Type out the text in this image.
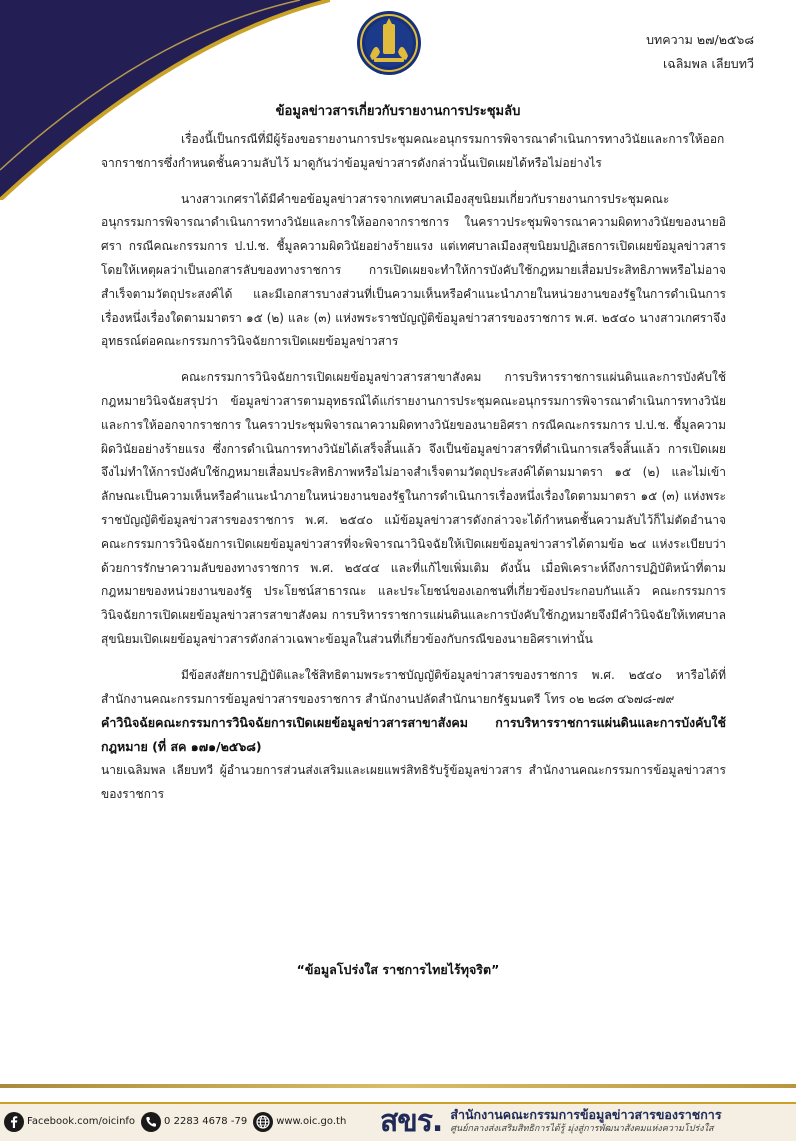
บทความ ๒๗/๒๕๖๘
เฉลิมพล เลียบทวี
ข้อมูลข่าวสารเกี่ยวกับรายงานการประชุมลับ

เรื่องนี้เป็นกรณีที่มีผู้ร้องขอรายงานการประชุมคณะอนุกรรมการพิจารณาดำเนินการทางวินัยและการให้ออกจากราชการซึ่งกำหนดชั้นความลับไว้ มาดูกันว่าข้อมูลข่าวสารดังกล่าวนั้นเปิดเผยได้หรือไม่อย่างไร

นางสาวเกศราได้มีคำขอข้อมูลข่าวสารจากเทศบาลเมืองสุขนิยมเกี่ยวกับรายงานการประชุมคณะอนุกรรมการพิจารณาดำเนินการทางวินัยและการให้ออกจากราชการ ในคราวประชุมพิจารณาความผิดทางวินัยของนายอิศรา กรณีคณะกรรมการ ป.ป.ช. ชี้มูลความผิดวินัยอย่างร้ายแรง แต่เทศบาลเมืองสุขนิยมปฏิเสธการเปิดเผยข้อมูลข่าวสารโดยให้เหตุผลว่าเป็นเอกสารลับของทางราชการ การเปิดเผยจะทำให้การบังคับใช้กฎหมายเสื่อมประสิทธิภาพหรือไม่อาจสำเร็จตามวัตถุประสงค์ได้ และมีเอกสารบางส่วนที่เป็นความเห็นหรือคำแนะนำภายในหน่วยงานของรัฐในการดำเนินการเรื่องหนึ่งเรื่องใดตามมาตรา ๑๕ (๒) และ (๓) แห่งพระราชบัญญัติข้อมูลข่าวสารของราชการ พ.ศ. ๒๕๔๐ นางสาวเกศราจึงอุทธรณ์ต่อคณะกรรมการวินิจฉัยการเปิดเผยข้อมูลข่าวสาร

คณะกรรมการวินิจฉัยการเปิดเผยข้อมูลข่าวสารสาขาสังคม การบริหารราชการแผ่นดินและการบังคับใช้กฎหมายวินิจฉัยสรุปว่า ข้อมูลข่าวสารตามอุทธรณ์ได้แก่รายงานการประชุมคณะอนุกรรมการพิจารณาดำเนินการทางวินัยและการให้ออกจากราชการ ในคราวประชุมพิจารณาความผิดทางวินัยของนายอิศรา กรณีคณะกรรมการ ป.ป.ช. ชี้มูลความผิดวินัยอย่างร้ายแรง ซึ่งการดำเนินการทางวินัยได้เสร็จสิ้นแล้ว จึงเป็นข้อมูลข่าวสารที่ดำเนินการเสร็จสิ้นแล้ว การเปิดเผยจึงไม่ทำให้การบังคับใช้กฎหมายเสื่อมประสิทธิภาพหรือไม่อาจสำเร็จตามวัตถุประสงค์ได้ตามมาตรา ๑๕ (๒) และไม่เข้าลักษณะเป็นความเห็นหรือคำแนะนำภายในหน่วยงานของรัฐในการดำเนินการเรื่องหนึ่งเรื่องใดตามมาตรา ๑๕ (๓) แห่งพระราชบัญญัติข้อมูลข่าวสารของราชการ พ.ศ. ๒๕๔๐ แม้ข้อมูลข่าวสารดังกล่าวจะได้กำหนดชั้นความลับไว้ก็ไม่ตัดอำนาจคณะกรรมการวินิจฉัยการเปิดเผยข้อมูลข่าวสารที่จะพิจารณาวินิจฉัยให้เปิดเผยข้อมูลข่าวสารได้ตามข้อ ๒๔ แห่งระเบียบว่าด้วยการรักษาความลับของทางราชการ พ.ศ. ๒๕๔๔ และที่แก้ไขเพิ่มเติม ดังนั้น เมื่อพิเคราะห์ถึงการปฏิบัติหน้าที่ตามกฎหมายของหน่วยงานของรัฐ ประโยชน์สาธารณะ และประโยชน์ของเอกชนที่เกี่ยวข้องประกอบกันแล้ว คณะกรรมการวินิจฉัยการเปิดเผยข้อมูลข่าวสารสาขาสังคม การบริหารราชการแผ่นดินและการบังคับใช้กฎหมายจึงมีคำวินิจฉัยให้เทศบาลสุขนิยมเปิดเผยข้อมูลข่าวสารดังกล่าวเฉพาะข้อมูลในส่วนที่เกี่ยวข้องกับกรณีของนายอิศราเท่านั้น

มีข้อสงสัยการปฏิบัติและใช้สิทธิตามพระราชบัญญัติข้อมูลข่าวสารของราชการ พ.ศ. ๒๕๔๐ หารือได้ที่สำนักงานคณะกรรมการข้อมูลข่าวสารของราชการ สำนักงานปลัดสำนักนายกรัฐมนตรี โทร ๐๒ ๒๘๓ ๔๖๗๘-๗๙

คำวินิจฉัยคณะกรรมการวินิจฉัยการเปิดเผยข้อมูลข่าวสารสาขาสังคม การบริหารราชการแผ่นดินและการบังคับใช้กฎหมาย (ที่ สค ๑๗๑/๒๕๖๘)

นายเฉลิมพล เลียบทวี ผู้อำนวยการส่วนส่งเสริมและเผยแพร่สิทธิรับรู้ข้อมูลข่าวสาร สำนักงานคณะกรรมการข้อมูลข่าวสารของราชการ

“ข้อมูลโปร่งใส ราชการไทยไร้ทุจริต”
Facebook.com/oicinfo	0 2283 4678 -79	www.oic.go.th สขร. สำนักงานคณะกรรมการข้อมูลข่าวสารของราชการ
ศูนย์กลางส่งเสริมสิทธิการได้รู้ มุ่งสู่การพัฒนาสังคมแห่งความโปร่งใส
